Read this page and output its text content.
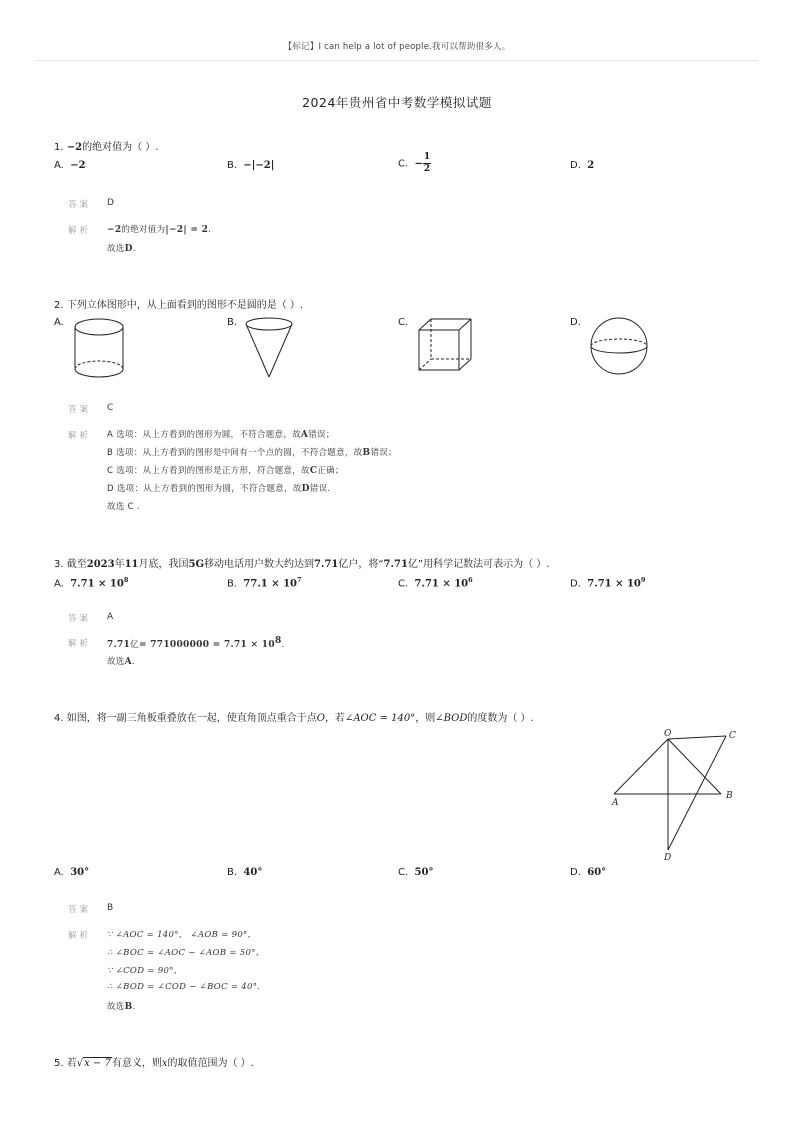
【标记】I can help a lot of people.我可以帮助很多人。
2024年贵州省中考数学模拟试题
1. −2的绝对值为（ ）.
A. −2	B. −|−2|	C. − $\frac{1}{2}$	D. 2
答案 D
解析 −2的绝对值为|−2| = 2.
故选D.
2. 下列立体图形中，从上面看到的图形不是圆的是（ ）.
A.	B.	C.	D.
答案 C
解析 A 选项：从上方看到的图形为圆，不符合题意，故A错误；
B 选项：从上方看到的图形是中间有一个点的圆，不符合题意，故B错误；
C 选项：从上方看到的图形是正方形，符合题意，故C正确；
D 选项：从上方看到的图形为圆，不符合题意，故D错误.
故选 C .
3. 截至2023年11月底，我国5G移动电话用户数大约达到7.71亿户，将“7.71亿”用科学记数法可表示为（ ）.
A. $7.71 \times 10^8$	B. $77.1 \times 10^7$	C. $7.71 \times 10^6$	D. $7.71 \times 10^9$
答案 A
解析 7.71亿= $771000000 = 7.71 \times 10^8$.
故选A.
4. 如图，将一副三角板重叠放在一起，使直角顶点重合于点O，若∠AOC = 140°，则∠BOD的度数为（ ）.
O	C
A
B
D
A. 30°	B. 40°	C. 50°	D. 60°
答案 B
解析 ∵ ∠AOC = 140°， ∠AOB = 90°，
∴ ∠BOC = ∠AOC − ∠AOB = 50°，
∵ ∠COD = 90°，
∴ ∠BOD = ∠COD − ∠BOC = 40°.
故选B.
5. 若√x − 7有意义，则x的取值范围为（ ）.
